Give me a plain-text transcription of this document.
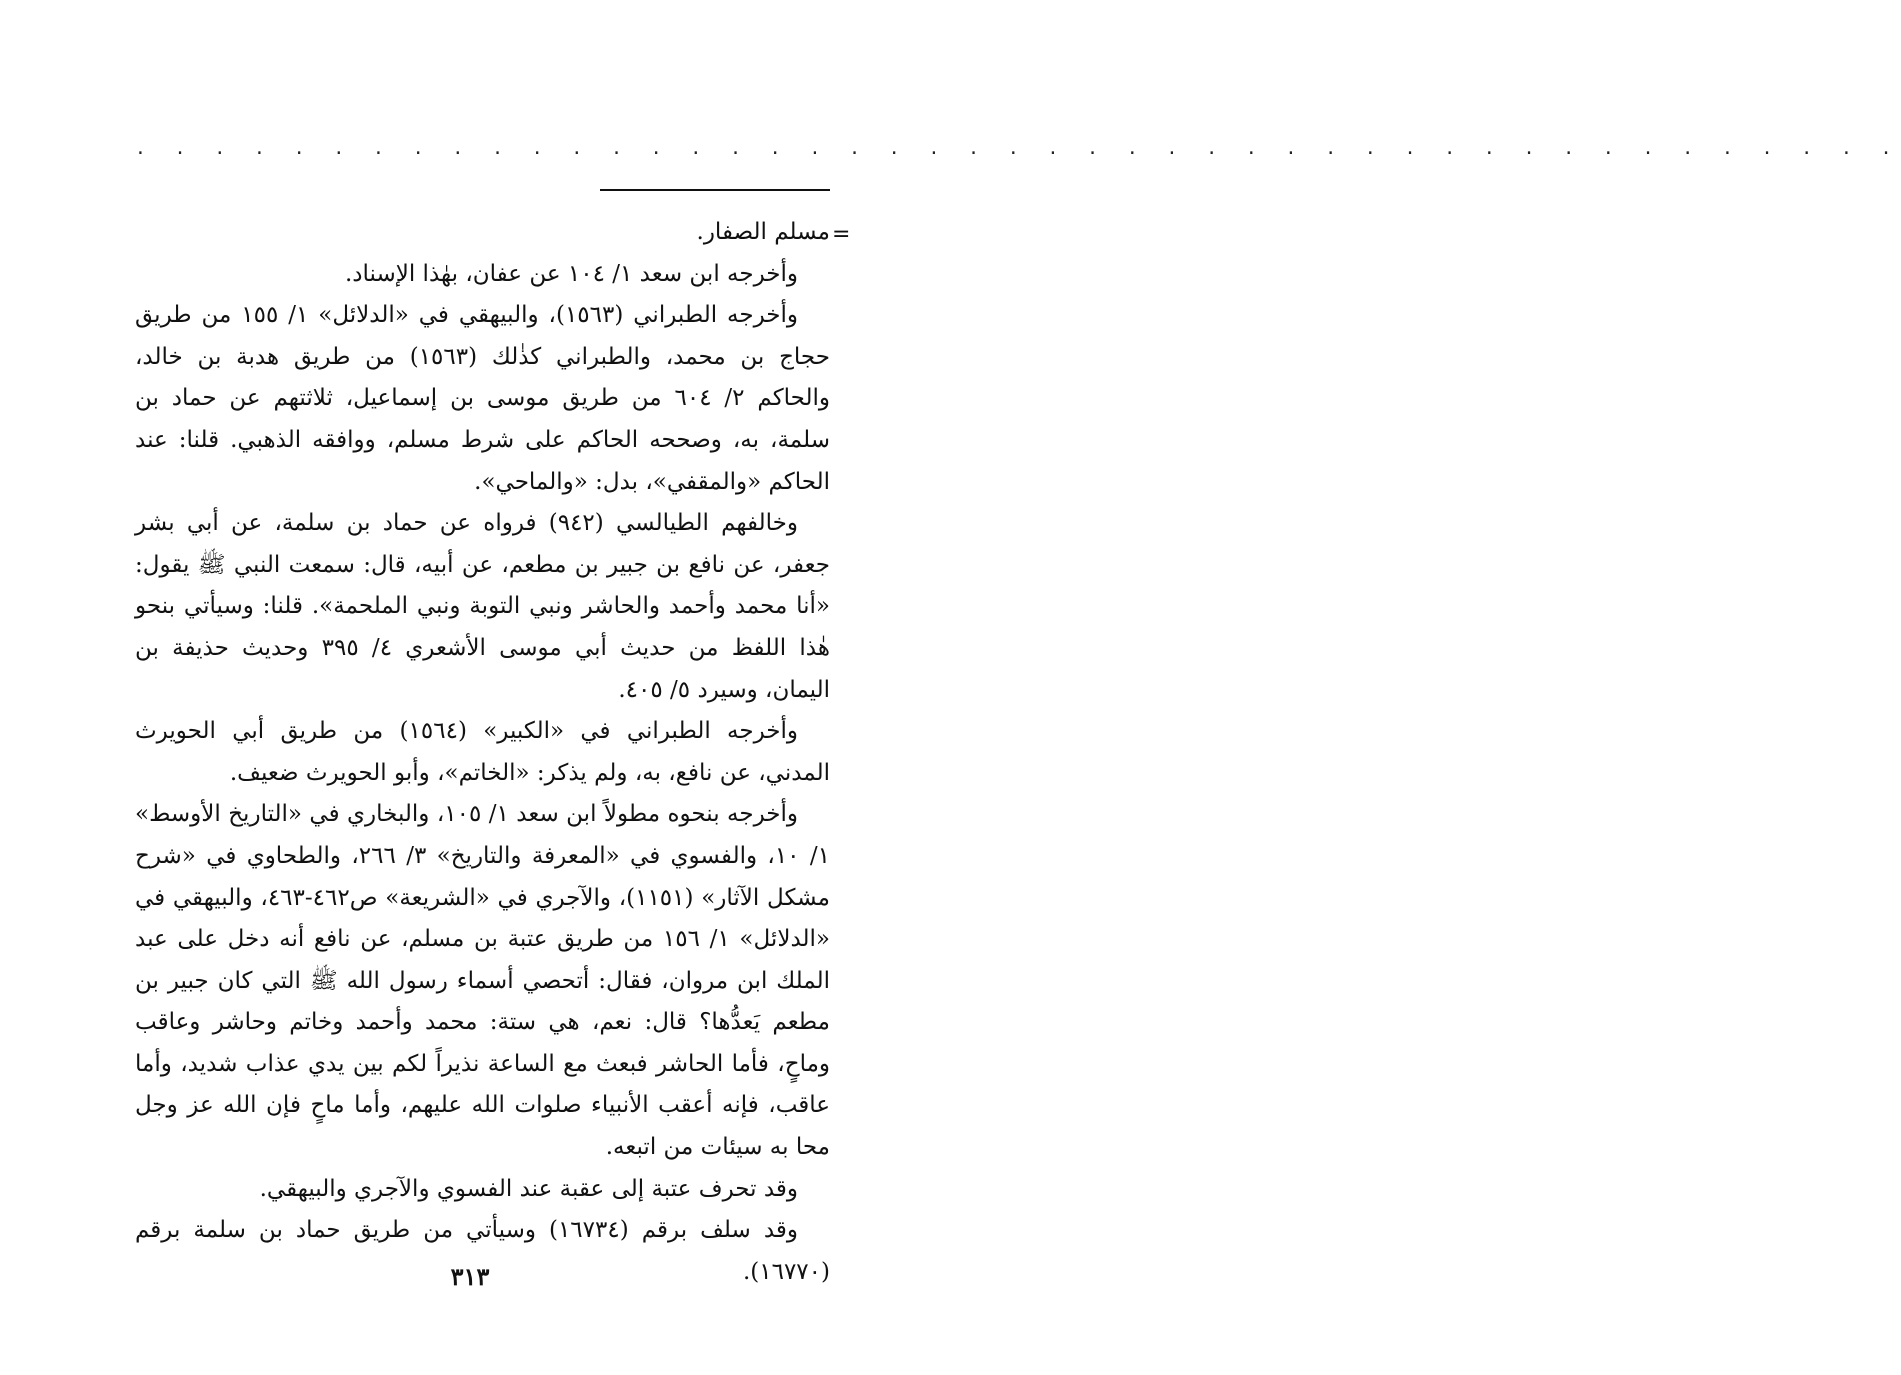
. . . . . . . . . . . . . . . . . . . . . . . . . . . . . . . . . . . . . . . . . . . . .
=

مسلم الصفار.

وأخرجه ابن سعد ١/ ١٠٤ عن عفان، بهٰذا الإسناد.

وأخرجه الطبراني (١٥٦٣)، والبيهقي في «الدلائل» ١/ ١٥٥ من طريق حجاج بن محمد، والطبراني كذٰلك (١٥٦٣) من طريق هدبة بن خالد، والحاكم ٢/ ٦٠٤ من طريق موسى بن إسماعيل، ثلاثتهم عن حماد بن سلمة، به، وصححه الحاكم على شرط مسلم، ووافقه الذهبي. قلنا: عند الحاكم «والمقفي»، بدل: «والماحي».

وخالفهم الطيالسي (٩٤٢) فرواه عن حماد بن سلمة، عن أبي بشر جعفر، عن نافع بن جبير بن مطعم، عن أبيه، قال: سمعت النبي ﷺ يقول: «أنا محمد وأحمد والحاشر ونبي التوبة ونبي الملحمة». قلنا: وسيأتي بنحو هٰذا اللفظ من حديث أبي موسى الأشعري ٤/ ٣٩٥ وحديث حذيفة بن اليمان، وسيرد ٥/ ٤٠٥.

وأخرجه الطبراني في «الكبير» (١٥٦٤) من طريق أبي الحويرث المدني، عن نافع، به، ولم يذكر: «الخاتم»، وأبو الحويرث ضعيف.

وأخرجه بنحوه مطولاً ابن سعد ١/ ١٠٥، والبخاري في «التاريخ الأوسط» ١/ ١٠، والفسوي في «المعرفة والتاريخ» ٣/ ٢٦٦، والطحاوي في «شرح مشكل الآثار» (١١٥١)، والآجري في «الشريعة» ص٤٦٢-٤٦٣، والبيهقي في «الدلائل» ١/ ١٥٦ من طريق عتبة بن مسلم، عن نافع أنه دخل على عبد الملك ابن مروان، فقال: أتحصي أسماء رسول الله ﷺ التي كان جبير بن مطعم يَعدُّها؟ قال: نعم، هي ستة: محمد وأحمد وخاتم وحاشر وعاقب وماحٍ، فأما الحاشر فبعث مع الساعة نذيراً لكم بين يدي عذاب شديد، وأما عاقب، فإنه أعقب الأنبياء صلوات الله عليهم، وأما ماحٍ فإن الله عز وجل محا به سيئات من اتبعه.

وقد تحرف عتبة إلى عقبة عند الفسوي والآجري والبيهقي.

وقد سلف برقم (١٦٧٣٤) وسيأتي من طريق حماد بن سلمة برقم (١٦٧٧٠).

٣١٣
